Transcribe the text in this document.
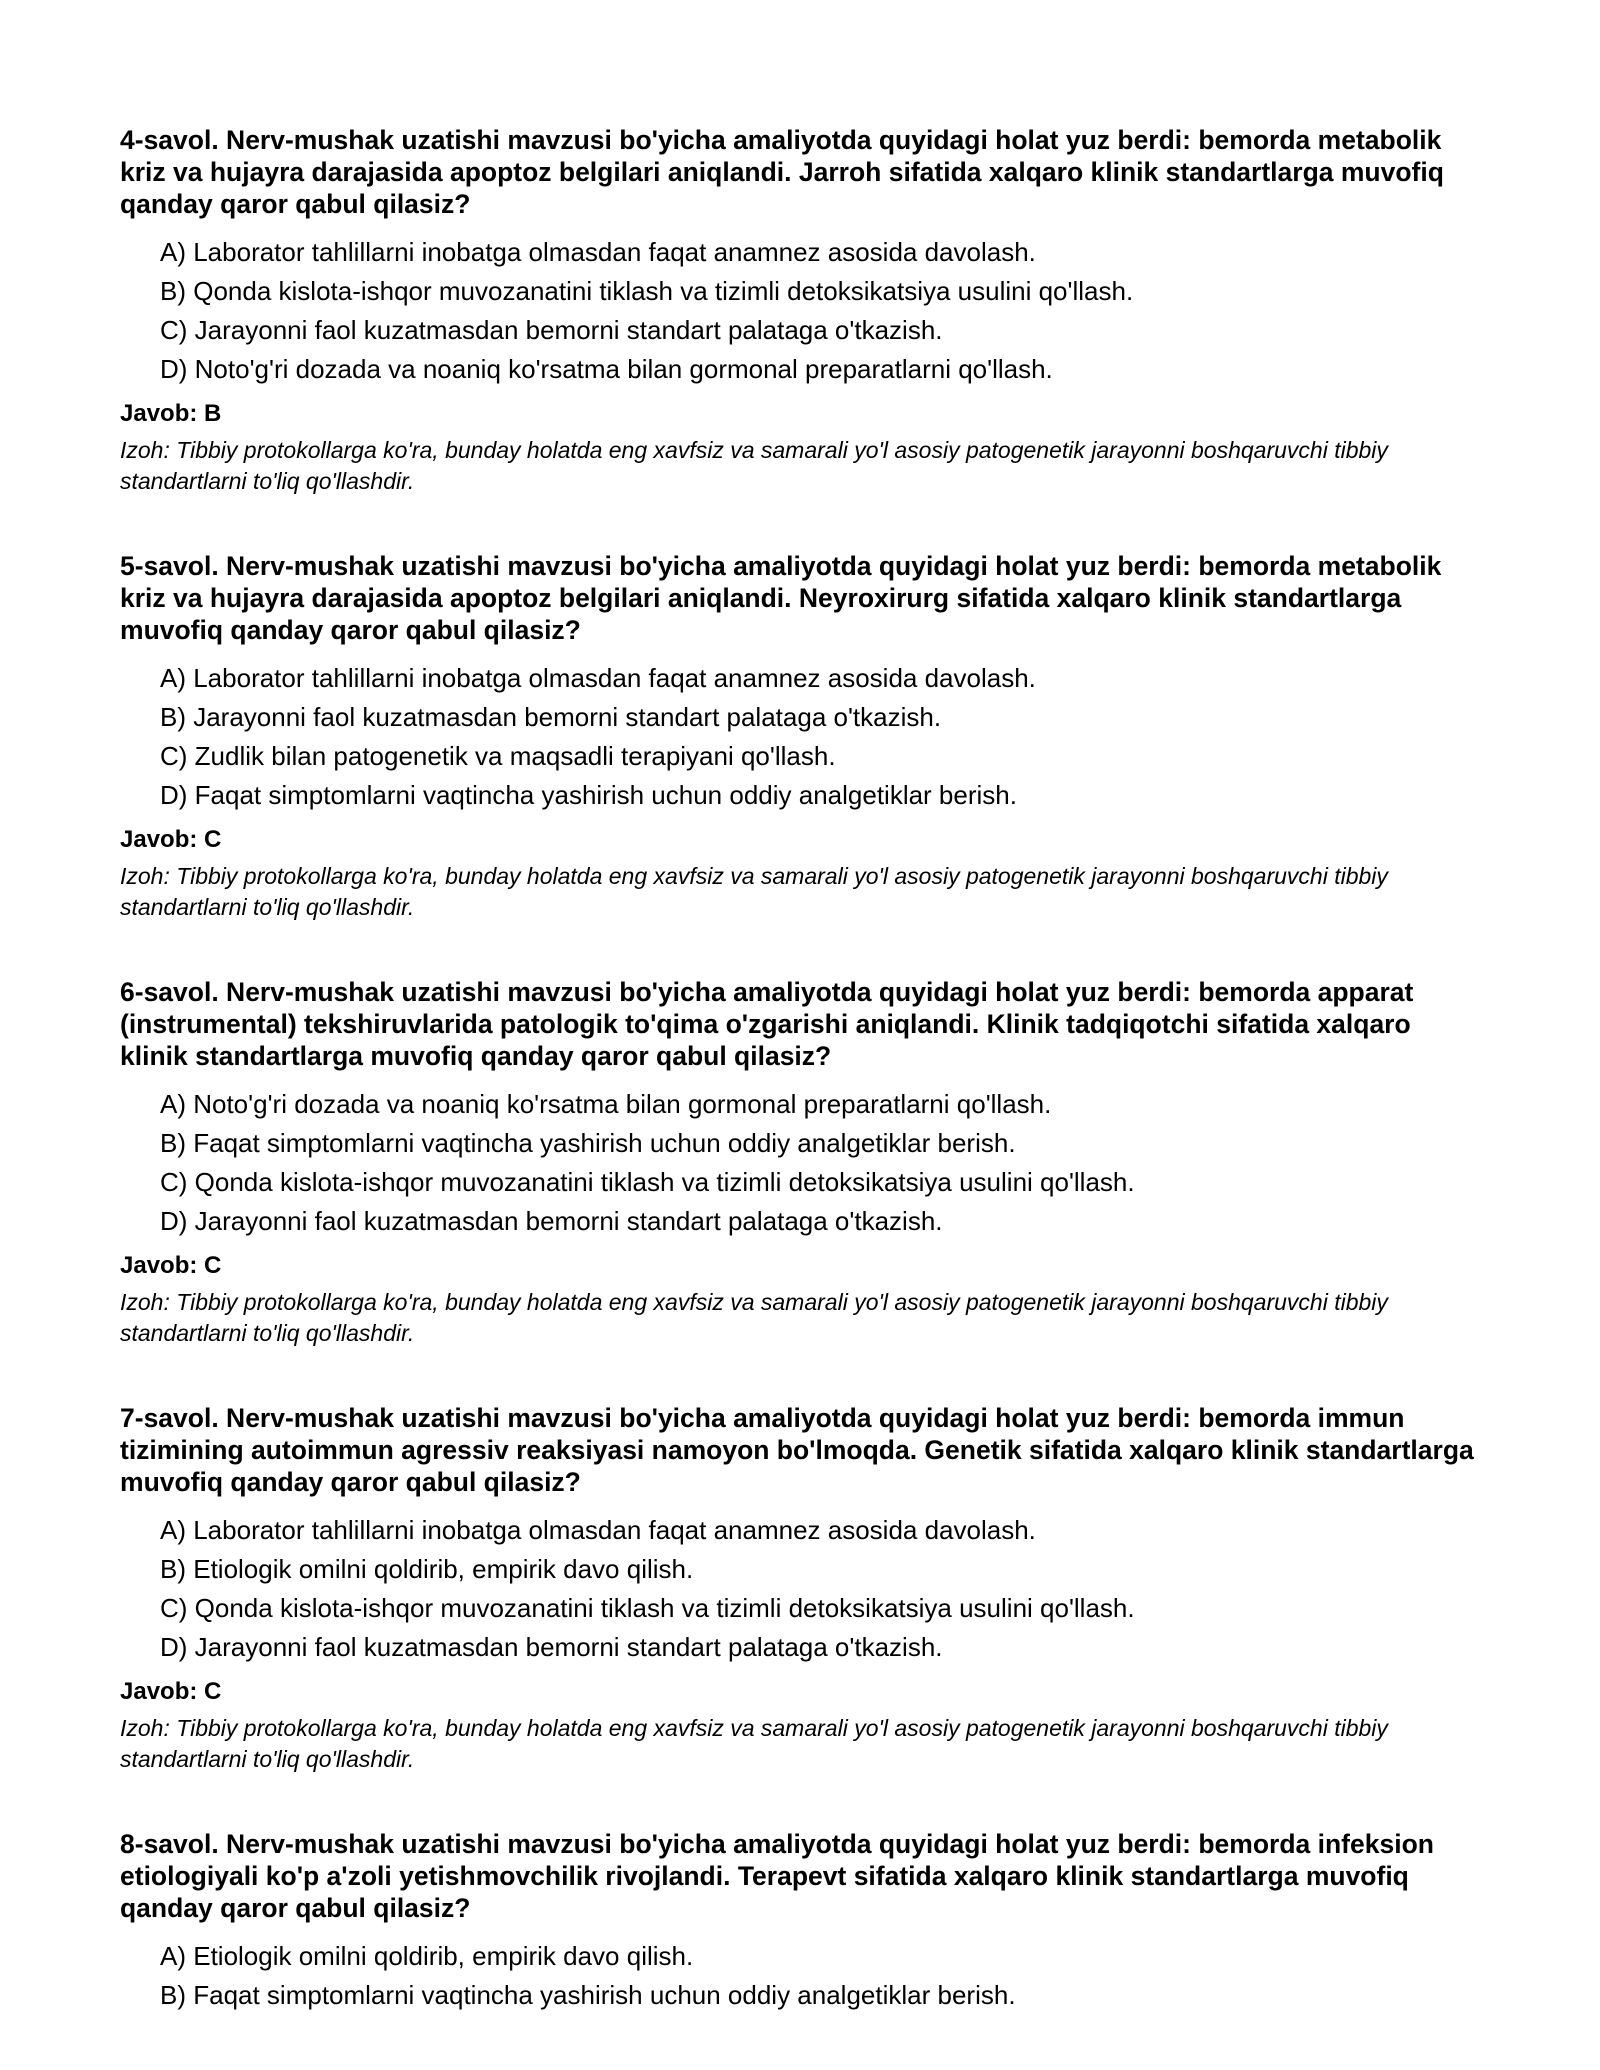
4-savol. Nerv-mushak uzatishi mavzusi bo'yicha amaliyotda quyidagi holat yuz berdi: bemorda metabolik kriz va hujayra darajasida apoptoz belgilari aniqlandi. Jarroh sifatida xalqaro klinik standartlarga muvofiq qanday qaror qabul qilasiz?

A) Laborator tahlillarni inobatga olmasdan faqat anamnez asosida davolash.
B) Qonda kislota-ishqor muvozanatini tiklash va tizimli detoksikatsiya usulini qo'llash.
C) Jarayonni faol kuzatmasdan bemorni standart palataga o'tkazish.
D) Noto'g'ri dozada va noaniq ko'rsatma bilan gormonal preparatlarni qo'llash.

Javob: B

Izoh: Tibbiy protokollarga ko'ra, bunday holatda eng xavfsiz va samarali yo'l asosiy patogenetik jarayonni boshqaruvchi tibbiy standartlarni to'liq qo'llashdir.

5-savol. Nerv-mushak uzatishi mavzusi bo'yicha amaliyotda quyidagi holat yuz berdi: bemorda metabolik kriz va hujayra darajasida apoptoz belgilari aniqlandi. Neyroxirurg sifatida xalqaro klinik standartlarga muvofiq qanday qaror qabul qilasiz?

A) Laborator tahlillarni inobatga olmasdan faqat anamnez asosida davolash.
B) Jarayonni faol kuzatmasdan bemorni standart palataga o'tkazish.
C) Zudlik bilan patogenetik va maqsadli terapiyani qo'llash.
D) Faqat simptomlarni vaqtincha yashirish uchun oddiy analgetiklar berish.

Javob: C

Izoh: Tibbiy protokollarga ko'ra, bunday holatda eng xavfsiz va samarali yo'l asosiy patogenetik jarayonni boshqaruvchi tibbiy standartlarni to'liq qo'llashdir.

6-savol. Nerv-mushak uzatishi mavzusi bo'yicha amaliyotda quyidagi holat yuz berdi: bemorda apparat (instrumental) tekshiruvlarida patologik to'qima o'zgarishi aniqlandi. Klinik tadqiqotchi sifatida xalqaro klinik standartlarga muvofiq qanday qaror qabul qilasiz?

A) Noto'g'ri dozada va noaniq ko'rsatma bilan gormonal preparatlarni qo'llash.
B) Faqat simptomlarni vaqtincha yashirish uchun oddiy analgetiklar berish.
C) Qonda kislota-ishqor muvozanatini tiklash va tizimli detoksikatsiya usulini qo'llash.
D) Jarayonni faol kuzatmasdan bemorni standart palataga o'tkazish.

Javob: C

Izoh: Tibbiy protokollarga ko'ra, bunday holatda eng xavfsiz va samarali yo'l asosiy patogenetik jarayonni boshqaruvchi tibbiy standartlarni to'liq qo'llashdir.

7-savol. Nerv-mushak uzatishi mavzusi bo'yicha amaliyotda quyidagi holat yuz berdi: bemorda immun tizimining autoimmun agressiv reaksiyasi namoyon bo'lmoqda. Genetik sifatida xalqaro klinik standartlarga muvofiq qanday qaror qabul qilasiz?

A) Laborator tahlillarni inobatga olmasdan faqat anamnez asosida davolash.
B) Etiologik omilni qoldirib, empirik davo qilish.
C) Qonda kislota-ishqor muvozanatini tiklash va tizimli detoksikatsiya usulini qo'llash.
D) Jarayonni faol kuzatmasdan bemorni standart palataga o'tkazish.

Javob: C

Izoh: Tibbiy protokollarga ko'ra, bunday holatda eng xavfsiz va samarali yo'l asosiy patogenetik jarayonni boshqaruvchi tibbiy standartlarni to'liq qo'llashdir.

8-savol. Nerv-mushak uzatishi mavzusi bo'yicha amaliyotda quyidagi holat yuz berdi: bemorda infeksion etiologiyali ko'p a'zoli yetishmovchilik rivojlandi. Terapevt sifatida xalqaro klinik standartlarga muvofiq qanday qaror qabul qilasiz?

A) Etiologik omilni qoldirib, empirik davo qilish.
B) Faqat simptomlarni vaqtincha yashirish uchun oddiy analgetiklar berish.
